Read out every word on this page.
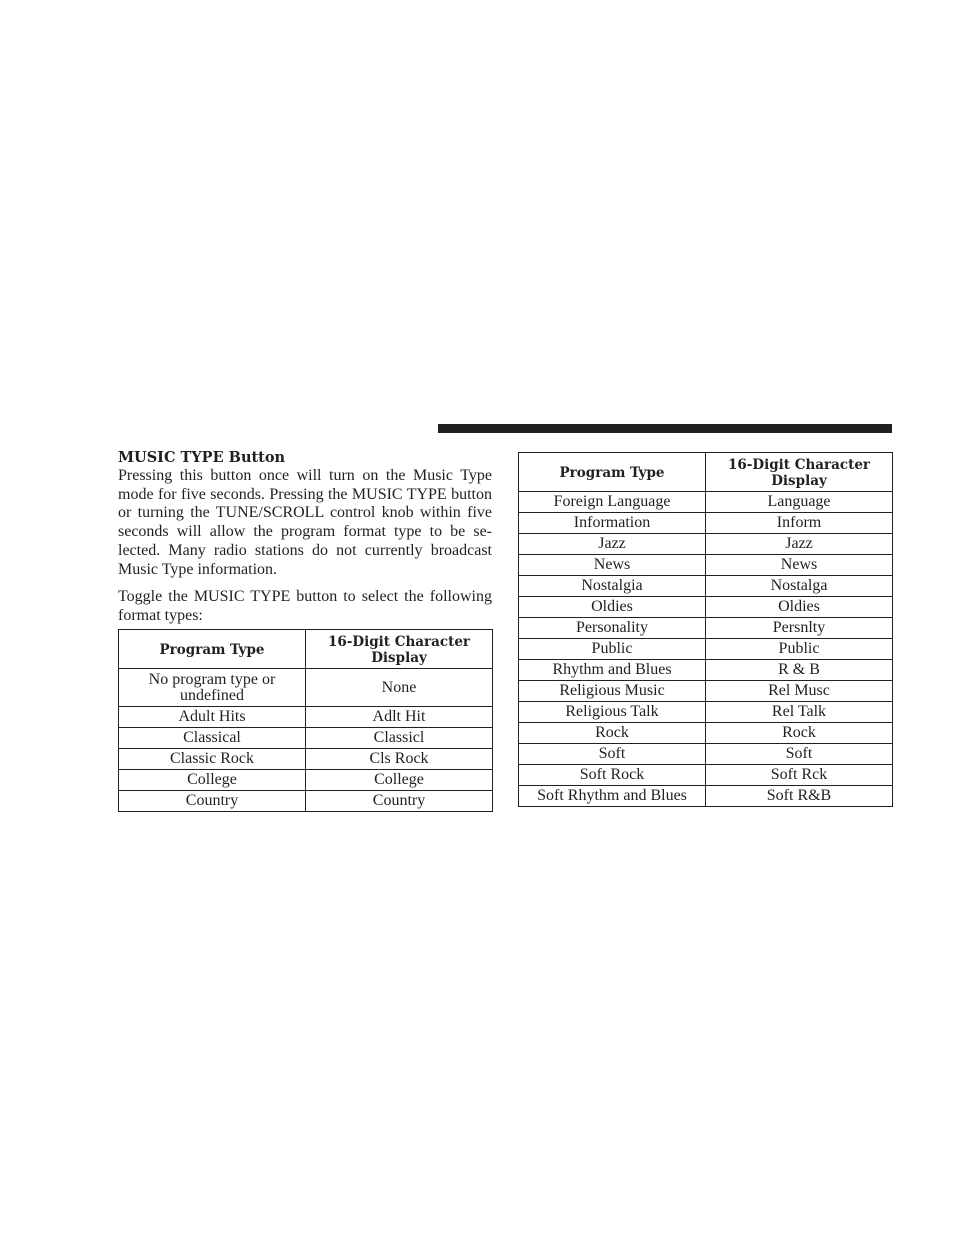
MUSIC TYPE Button

Pressing this button once will turn on the Music Type mode for five seconds. Pressing the MUSIC TYPE button or turning the TUNE/SCROLL control knob within five seconds will allow the program format type to be se-lected. Many radio stations do not currently broadcast Music Type information.

Toggle the MUSIC TYPE button to select the following format types:

Program Type	16-Digit Character Display
No program type or undefined	None
Adult Hits	Adlt Hit
Classical	Classicl
Classic Rock	Cls Rock
College	College
Country	Country
Program Type	16-Digit Character Display
Foreign Language	Language
Information	Inform
Jazz	Jazz
News	News
Nostalgia	Nostalga
Oldies	Oldies
Personality	Persnlty
Public	Public
Rhythm and Blues	R & B
Religious Music	Rel Musc
Religious Talk	Rel Talk
Rock	Rock
Soft	Soft
Soft Rock	Soft Rck
Soft Rhythm and Blues	Soft R&B
